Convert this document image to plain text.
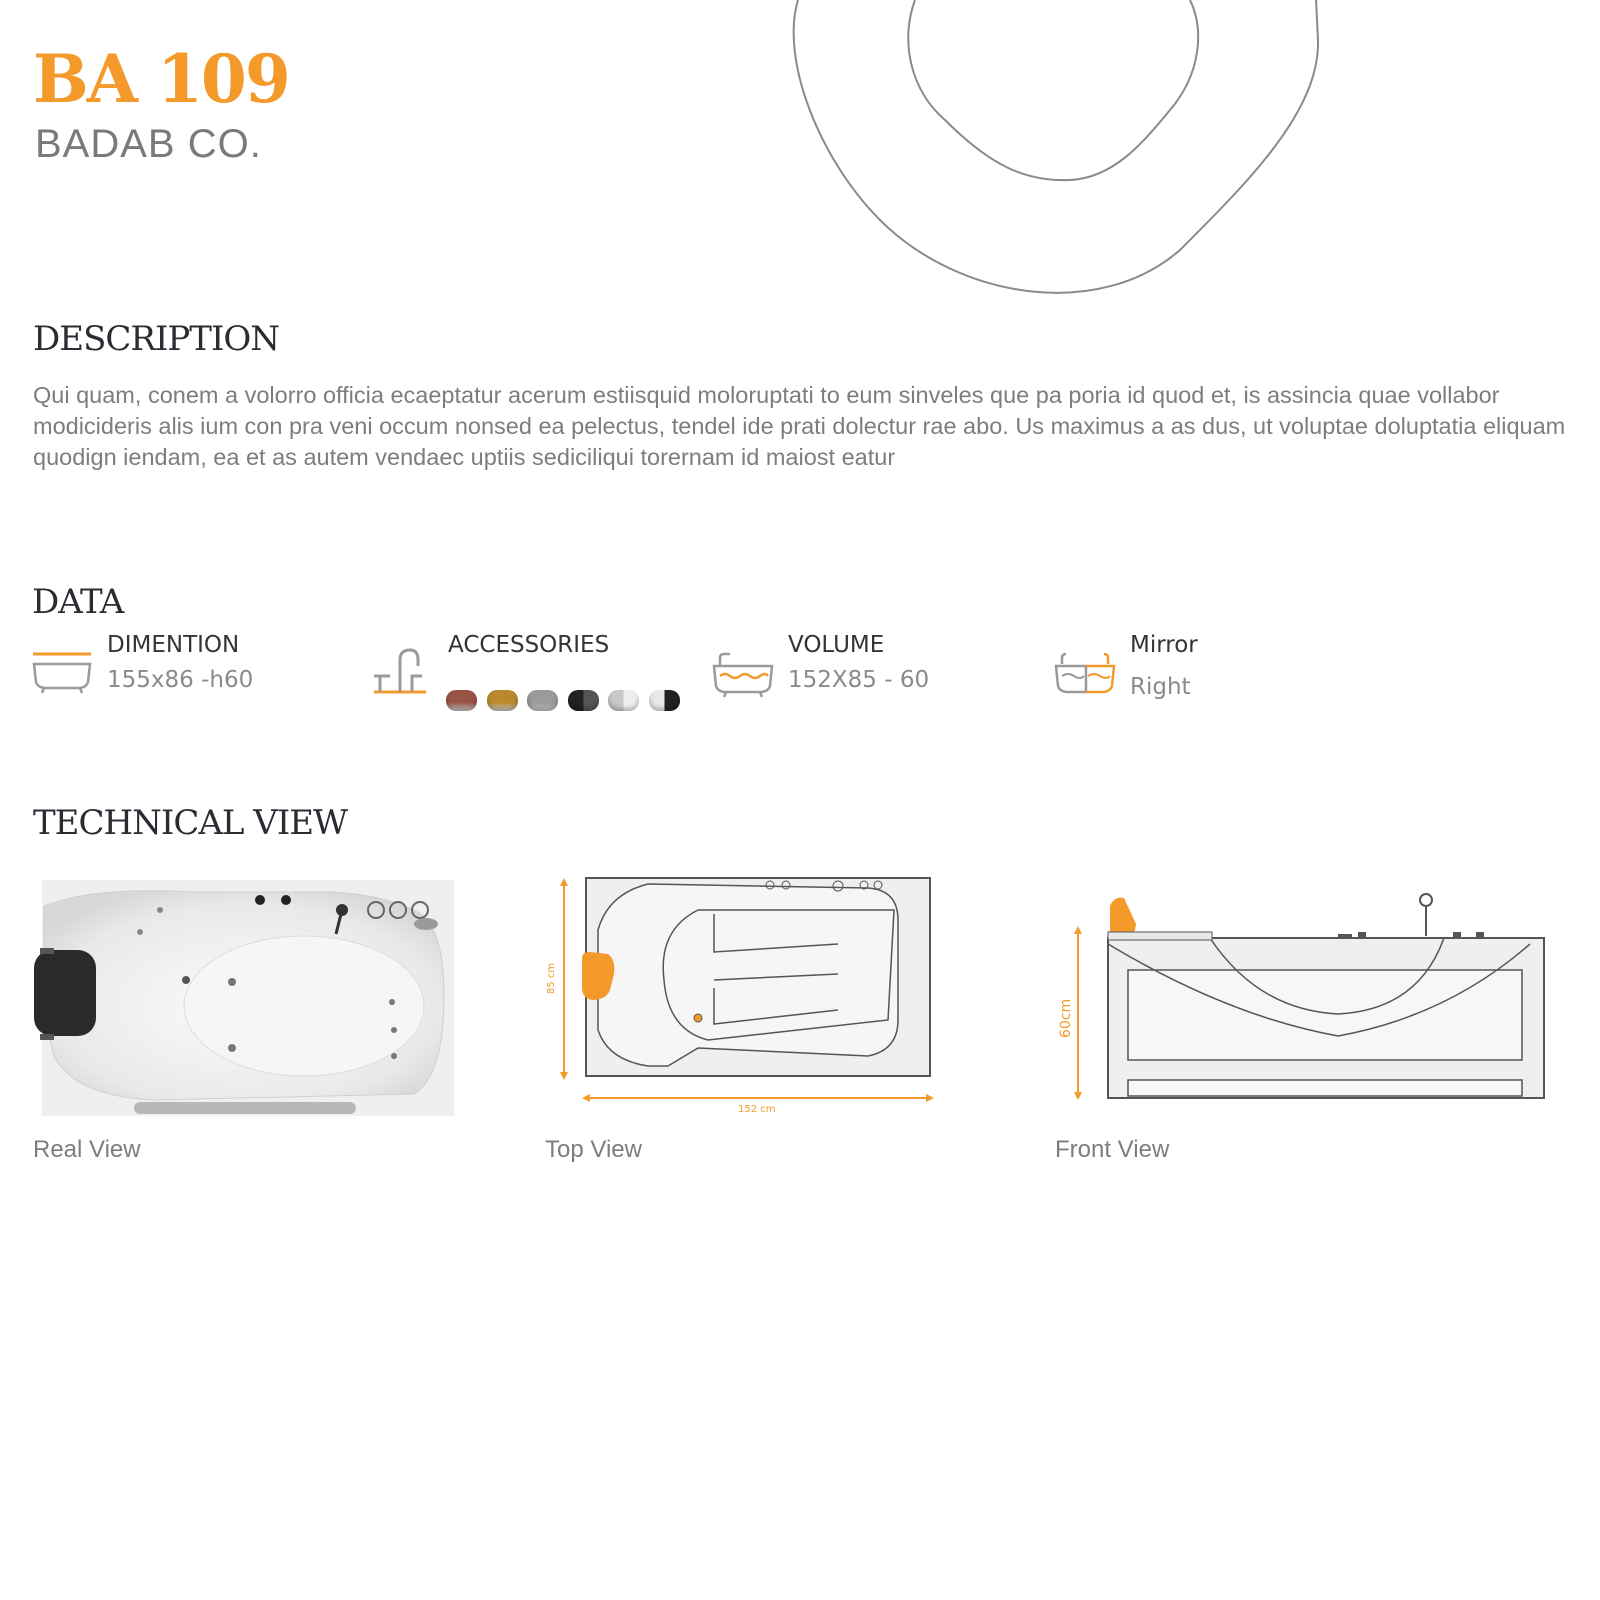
BA 109
BADAB CO.
DESCRIPTION
Qui quam, conem a volorro officia ecaeptatur acerum estiisquid moloruptati to eum sinveles que pa poria id quod et, is assincia quae vollabor modicideris alis ium con pra veni occum nonsed ea pelectus, tendel ide prati dolectur rae abo. Us maximus a as dus, ut voluptae doluptatia eliquam quodign iendam, ea et as autem vendaec uptiis sediciliqui torernam id maiost eatur
DATA
DIMENTION
155x86 -h60
ACCESSORIES	VOLUME
152X85 - 60
Mirror
Right
TECHNICAL VIEW
Real View
85 cm
152 cm
Top View
60cm
Front View
